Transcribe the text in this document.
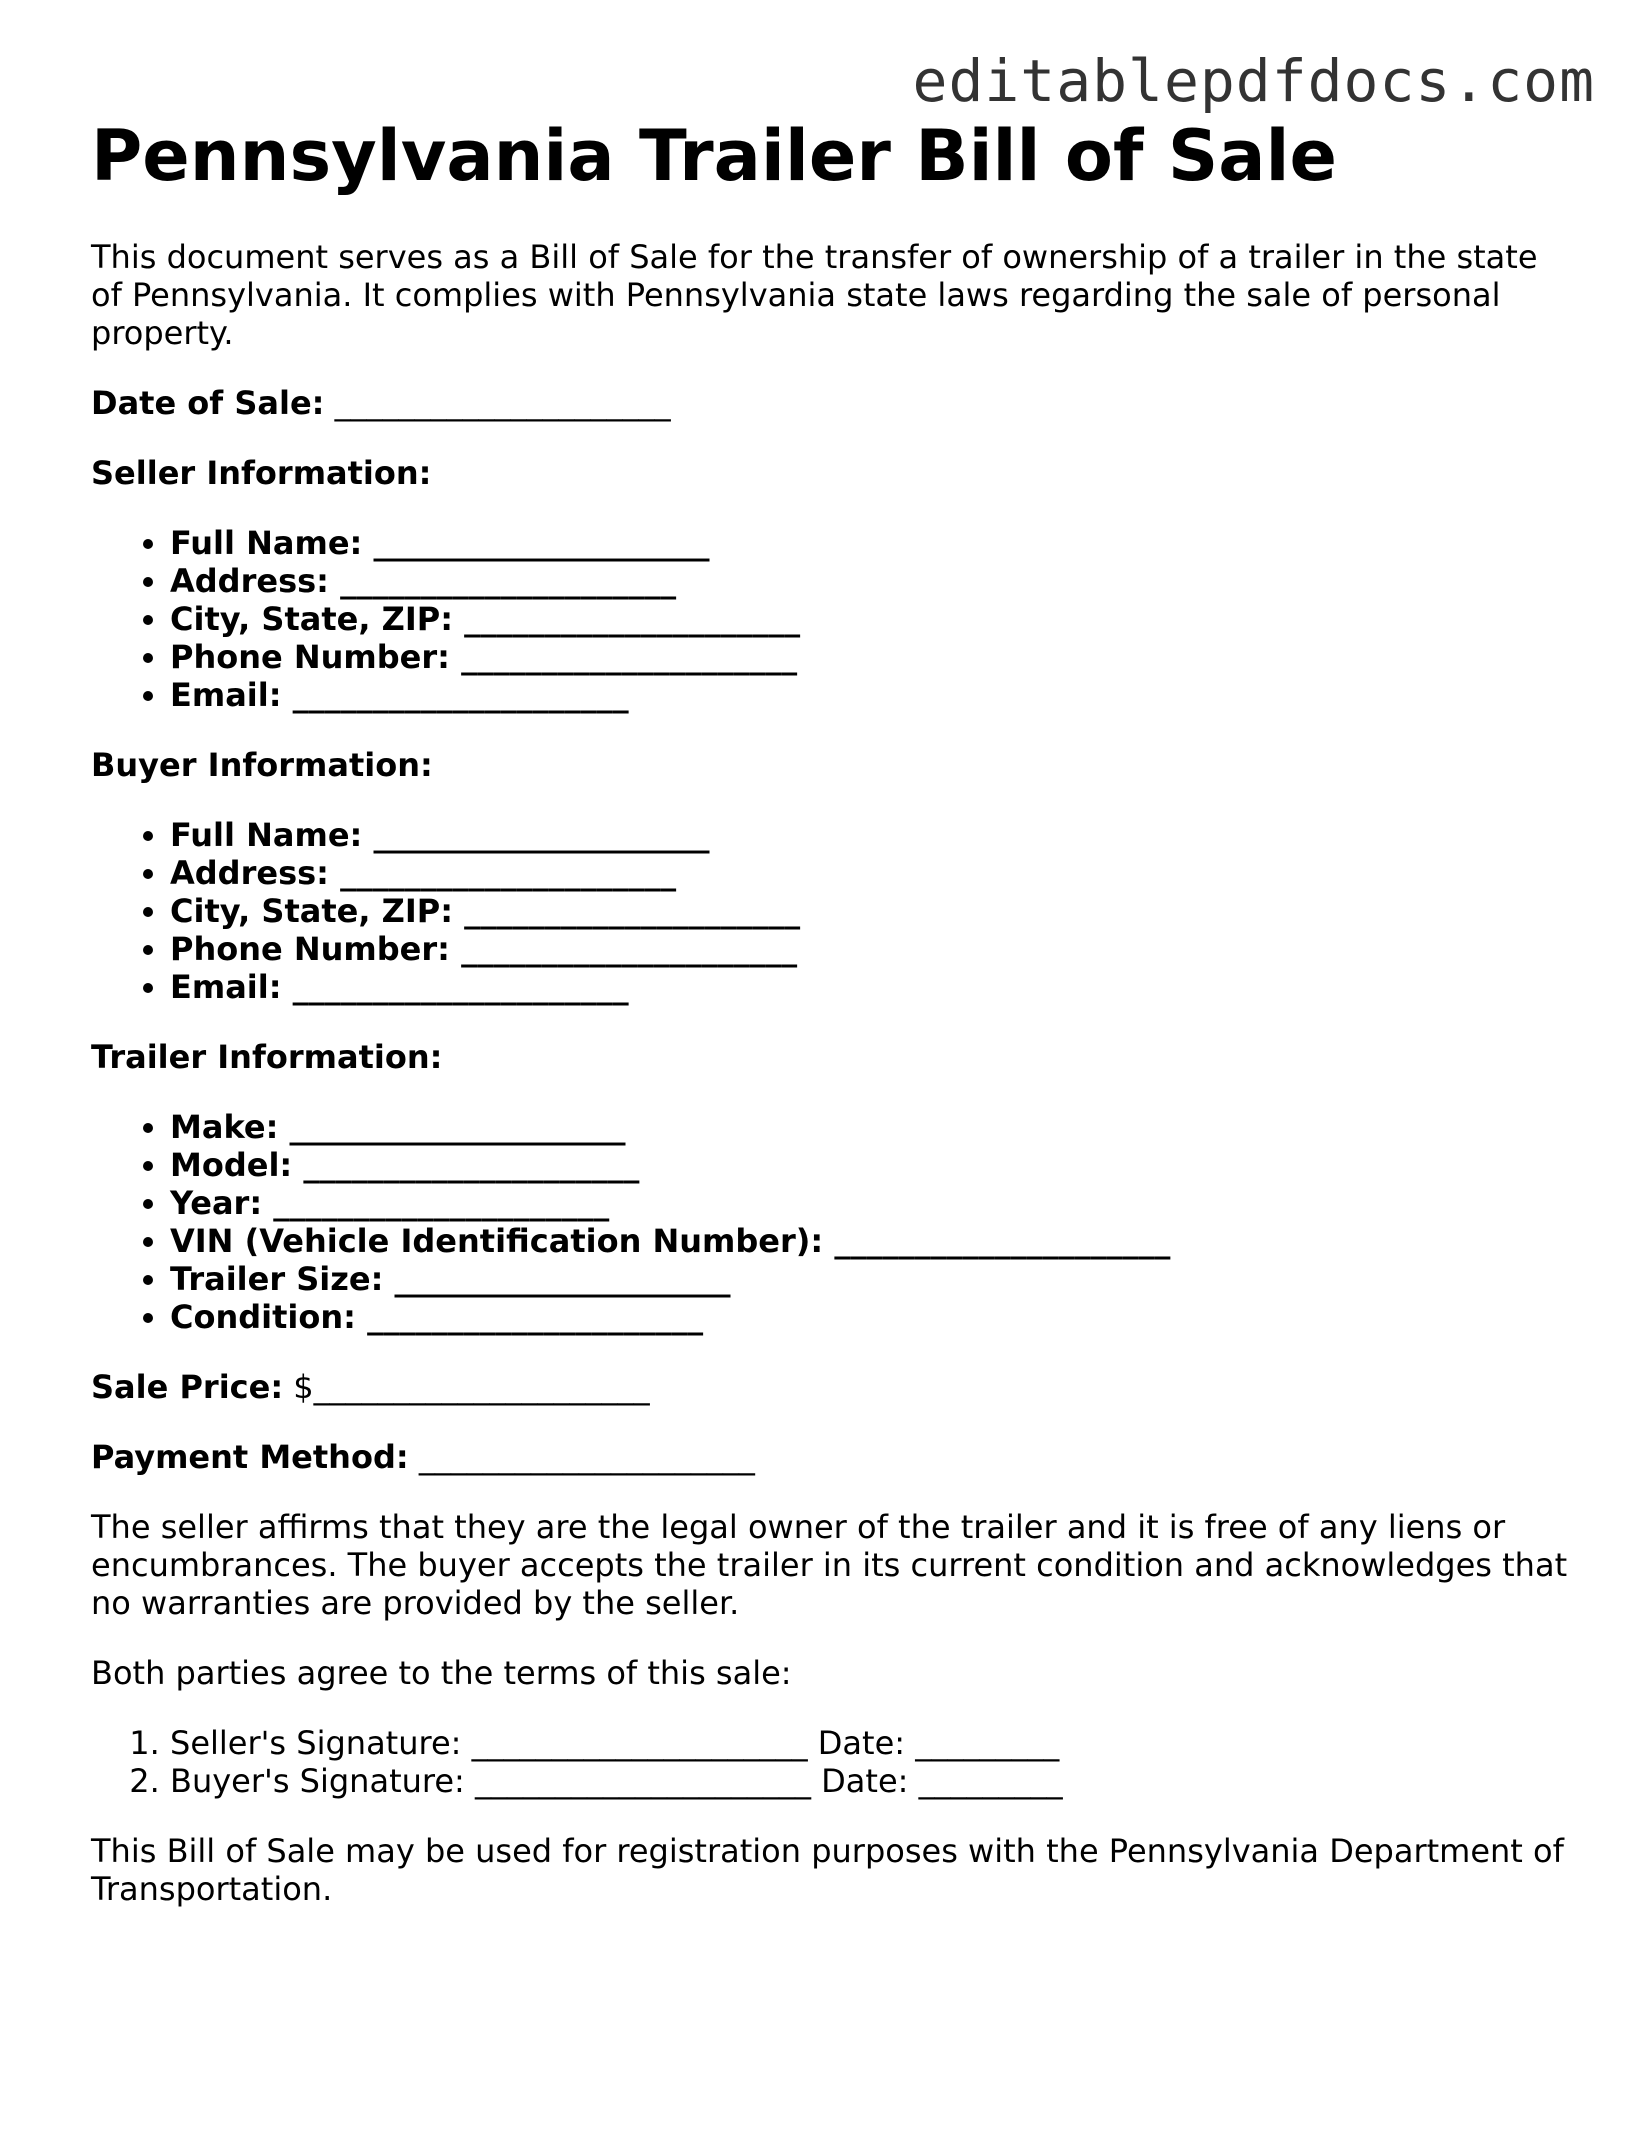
editablepdfdocs.com
Pennsylvania Trailer Bill of Sale

This document serves as a Bill of Sale for the transfer of ownership of a trailer in the state of Pennsylvania. It complies with Pennsylvania state laws regarding the sale of personal property.

Date of Sale: _____________________

Seller Information:
• Full Name: _____________________
• Address: _____________________
• City, State, ZIP: _____________________
• Phone Number: _____________________
• Email: _____________________
Buyer Information:
• Full Name: _____________________
• Address: _____________________
• City, State, ZIP: _____________________
• Phone Number: _____________________
• Email: _____________________
Trailer Information:
• Make: _____________________
• Model: _____________________
• Year: _____________________
• VIN (Vehicle Identification Number): _____________________
• Trailer Size: _____________________
• Condition: _____________________

Sale Price: $_____________________

Payment Method: _____________________

The seller affirms that they are the legal owner of the trailer and it is free of any liens or encumbrances. The buyer accepts the trailer in its current condition and acknowledges that no warranties are provided by the seller.

Both parties agree to the terms of this sale:

1. Seller's Signature: _____________________ Date: _________
2. Buyer's Signature: _____________________ Date: _________

This Bill of Sale may be used for registration purposes with the Pennsylvania Department of Transportation.
